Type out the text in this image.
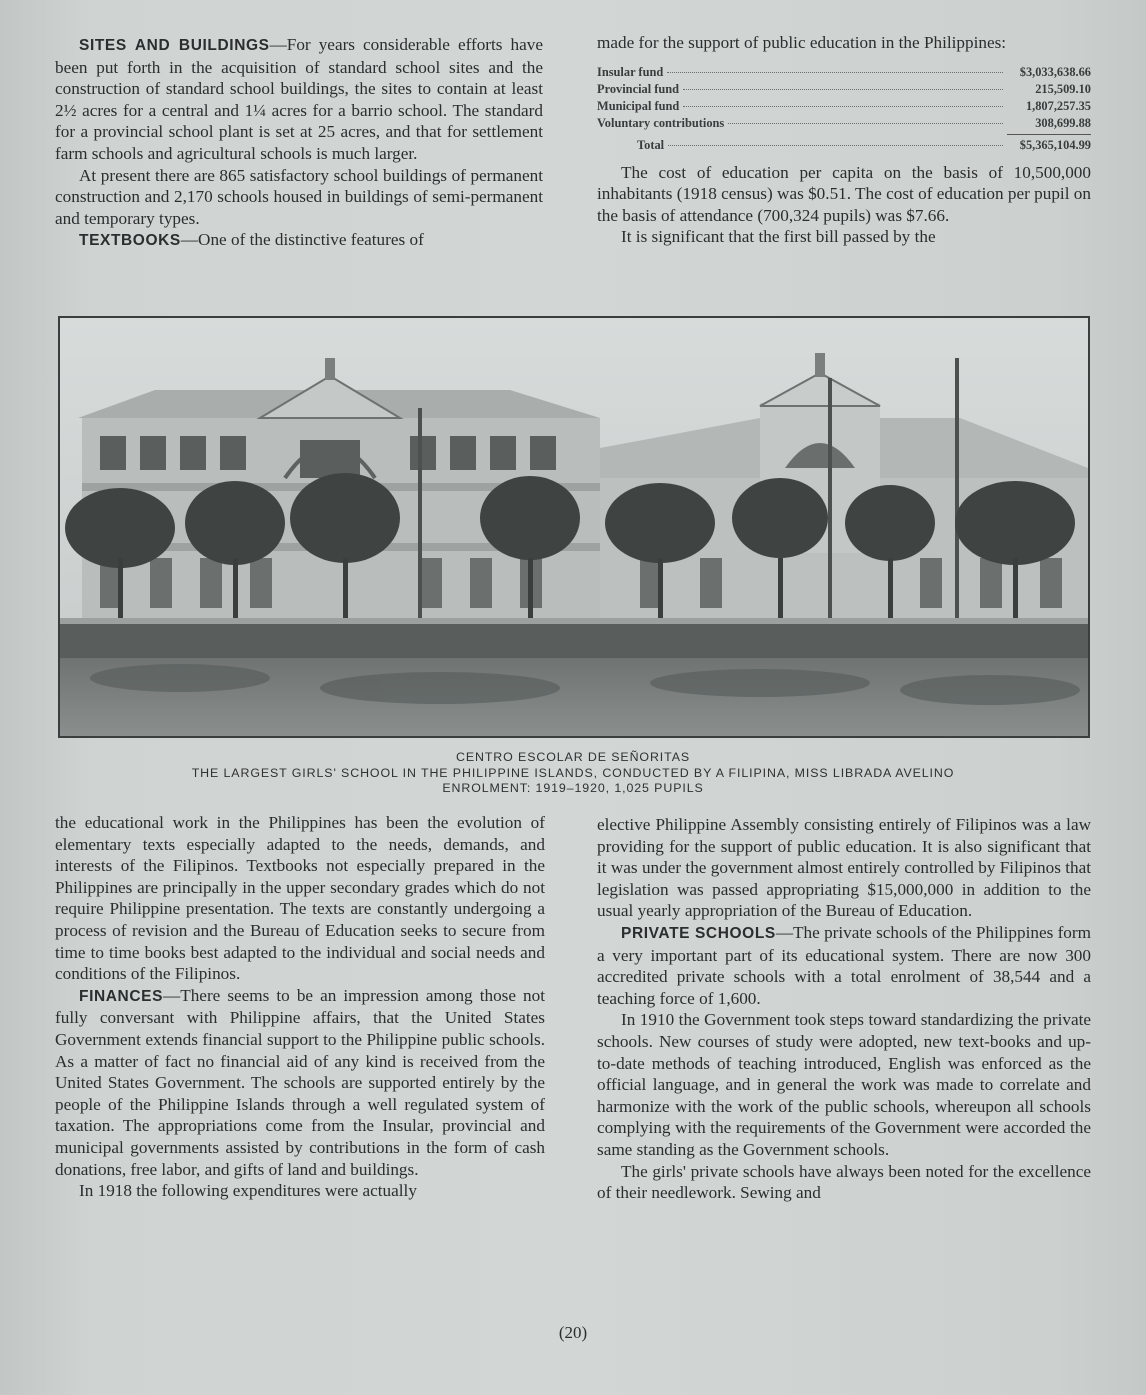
SITES AND BUILDINGS—For years considerable efforts have been put forth in the acquisition of standard school sites and the construction of standard school buildings, the sites to contain at least 2½ acres for a central and 1¼ acres for a barrio school. The standard for a provincial school plant is set at 25 acres, and that for settlement farm schools and agricultural schools is much larger.

At present there are 865 satisfactory school buildings of permanent construction and 2,170 schools housed in buildings of semi-permanent and temporary types.

TEXTBOOKS—One of the distinctive features of

made for the support of public education in the Philippines:

Insular fund	$3,033,638.66
Provincial fund	215,509.10
Municipal fund	1,807,257.35
Voluntary contributions	308,699.88
Total	$5,365,104.99

The cost of education per capita on the basis of 10,500,000 inhabitants (1918 census) was $0.51. The cost of education per pupil on the basis of attendance (700,324 pupils) was $7.66.

It is significant that the first bill passed by the

CENTRO ESCOLAR DE SEÑORITAS
THE LARGEST GIRLS' SCHOOL IN THE PHILIPPINE ISLANDS, CONDUCTED BY A FILIPINA, MISS LIBRADA AVELINO
ENROLMENT: 1919–1920, 1,025 PUPILS

the educational work in the Philippines has been the evolution of elementary texts especially adapted to the needs, demands, and interests of the Filipinos. Textbooks not especially prepared in the Philippines are principally in the upper secondary grades which do not require Philippine presentation. The texts are constantly undergoing a process of revision and the Bureau of Education seeks to secure from time to time books best adapted to the individual and social needs and conditions of the Filipinos.

FINANCES—There seems to be an impression among those not fully conversant with Philippine affairs, that the United States Government extends financial support to the Philippine public schools. As a matter of fact no financial aid of any kind is received from the United States Government. The schools are supported entirely by the people of the Philippine Islands through a well regulated system of taxation. The appropriations come from the Insular, provincial and municipal governments assisted by contributions in the form of cash donations, free labor, and gifts of land and buildings.

In 1918 the following expenditures were actually

elective Philippine Assembly consisting entirely of Filipinos was a law providing for the support of public education. It is also significant that it was under the government almost entirely controlled by Filipinos that legislation was passed appropriating $15,000,000 in addition to the usual yearly appropriation of the Bureau of Education.

PRIVATE SCHOOLS—The private schools of the Philippines form a very important part of its educational system. There are now 300 accredited private schools with a total enrolment of 38,544 and a teaching force of 1,600.

In 1910 the Government took steps toward standardizing the private schools. New courses of study were adopted, new text-books and up-to-date methods of teaching introduced, English was enforced as the official language, and in general the work was made to correlate and harmonize with the work of the public schools, whereupon all schools complying with the requirements of the Government were accorded the same standing as the Government schools.

The girls' private schools have always been noted for the excellence of their needlework. Sewing and

(20)
